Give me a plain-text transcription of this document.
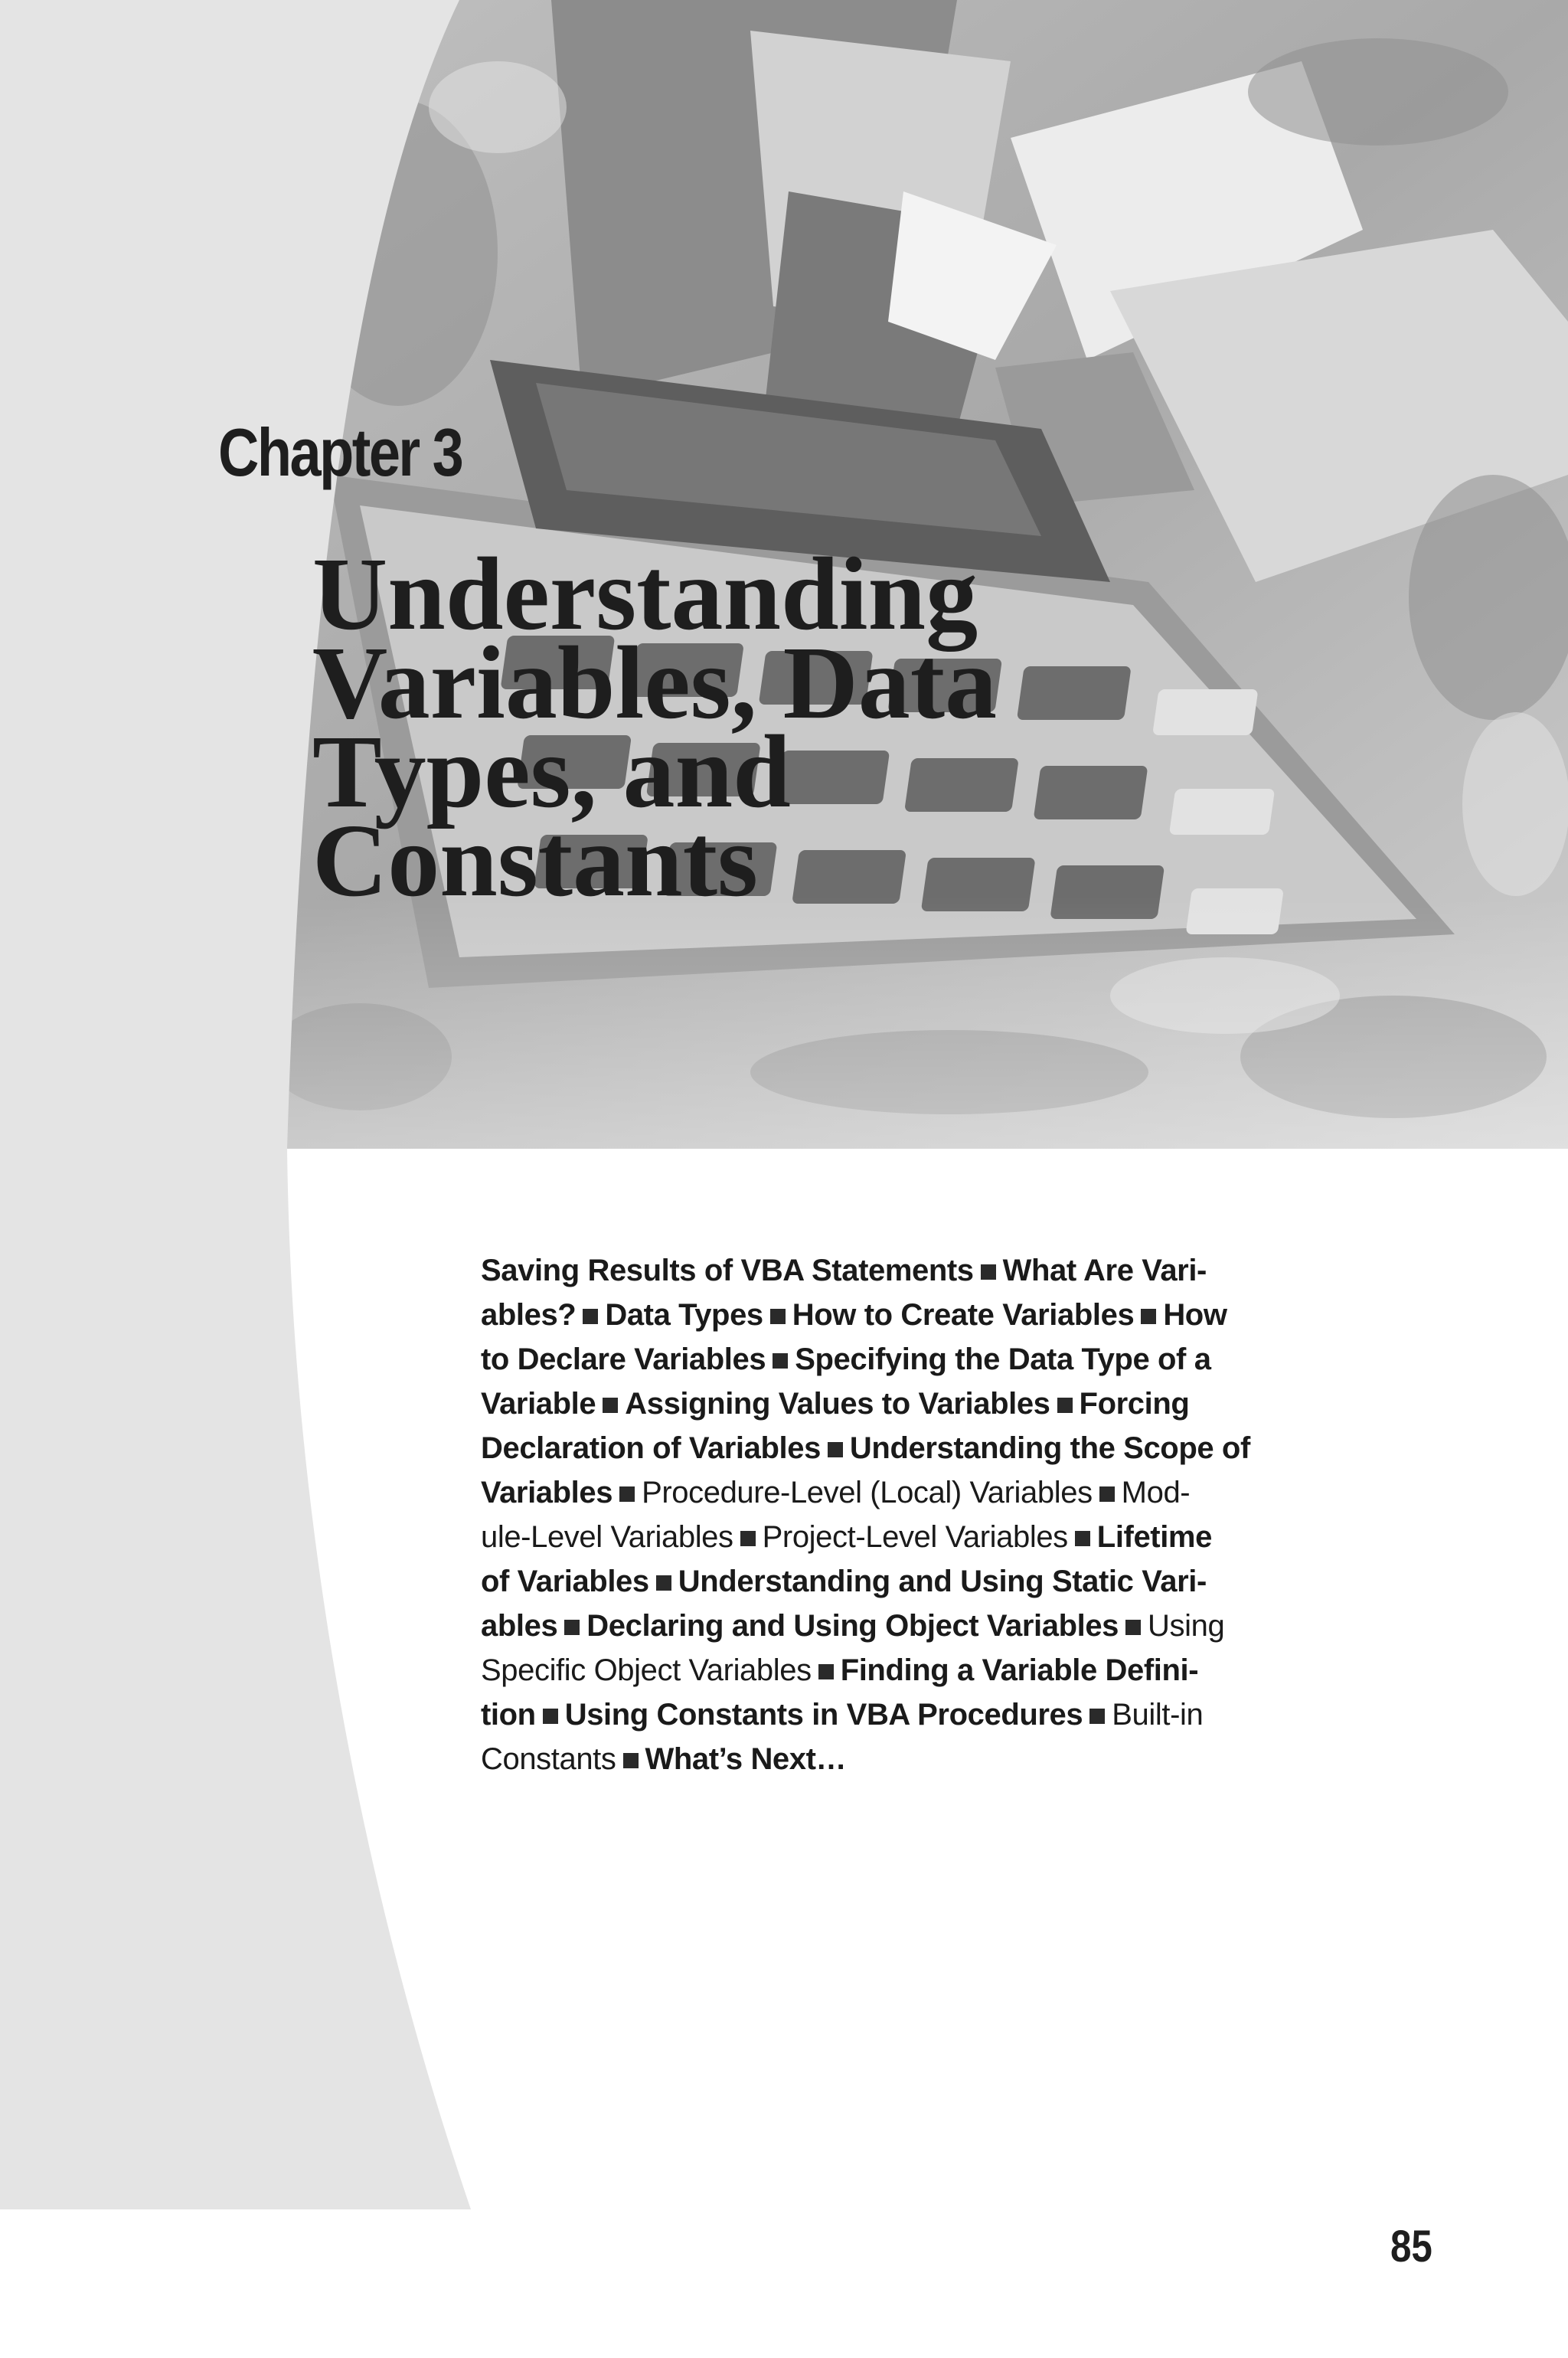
Chapter 3
Understanding
Variables, Data
Types, and
Constants
Saving Results of VBA Statements What Are Vari-
ables? Data Types How to Create Variables How
to Declare Variables Specifying the Data Type of a
Variable Assigning Values to Variables Forcing
Declaration of Variables Understanding the Scope of
Variables Procedure-Level (Local) Variables Mod-
ule-Level Variables Project-Level Variables Lifetime
of Variables Understanding and Using Static Vari-
ables Declaring and Using Object Variables Using
Specific Object Variables Finding a Variable Defini-
tion Using Constants in VBA Procedures Built-in
Constants What’s Next…

85
